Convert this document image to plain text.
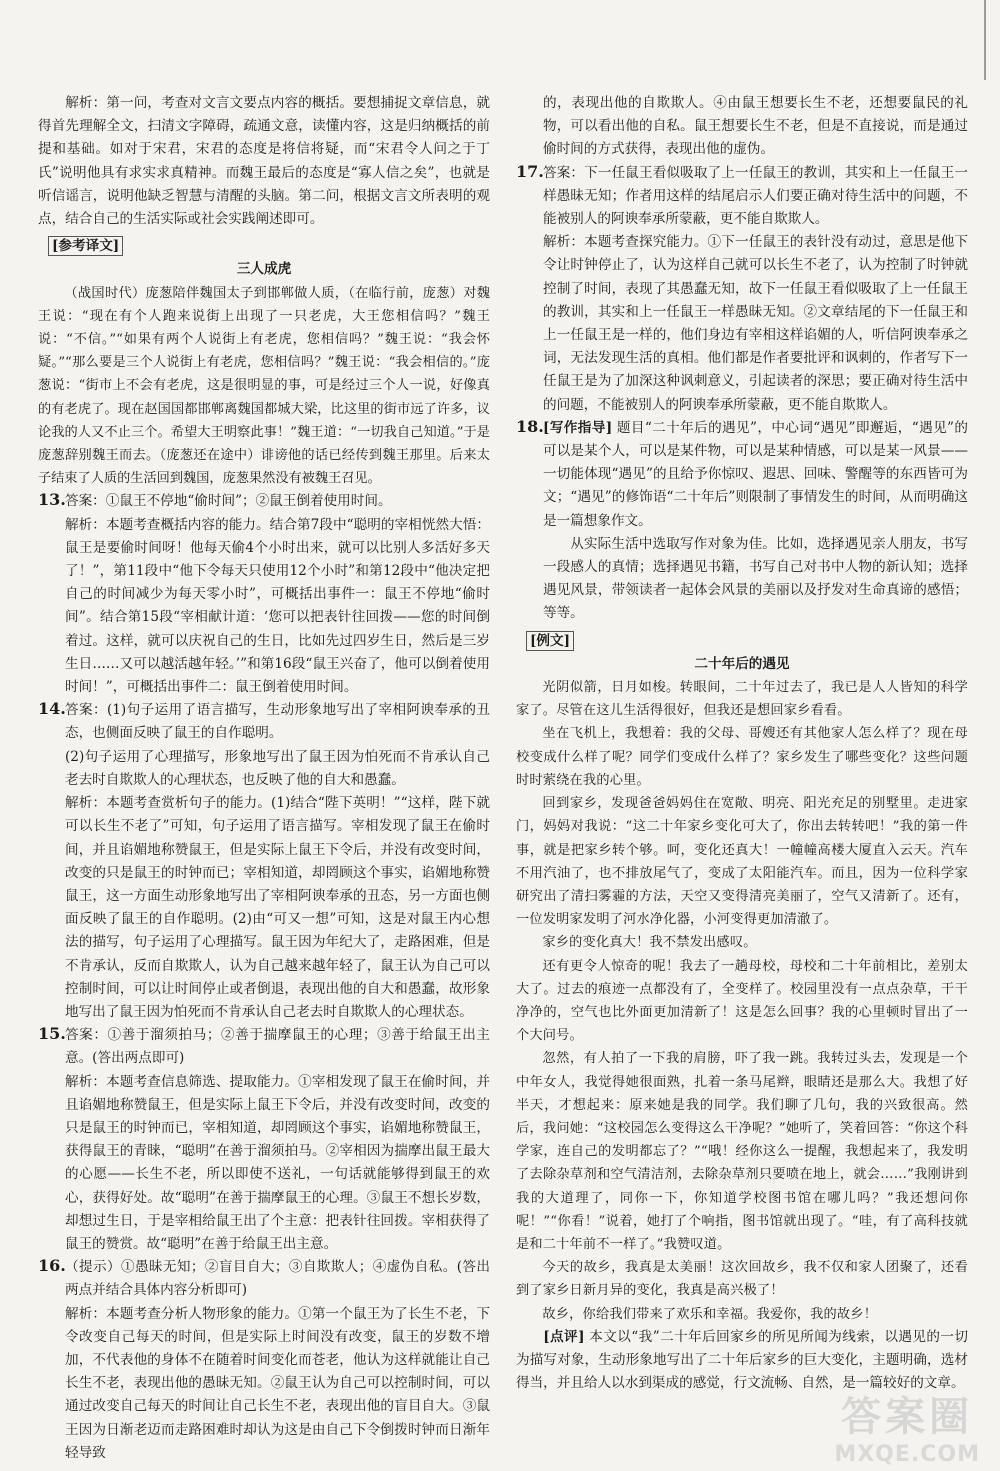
解析：第一问，考查对文言文要点内容的概括。要想捕捉文章信息，就得首先理解全文，扫清文字障碍，疏通文意，读懂内容，这是归纳概括的前提和基础。如对于宋君，宋君的态度是将信将疑，而“宋君令人问之于丁氏”说明他具有求实求真精神。而魏王最后的态度是“寡人信之矣”，也就是听信谣言，说明他缺乏智慧与清醒的头脑。第二问，根据文言文所表明的观点，结合自己的生活实际或社会实践阐述即可。

[参考译文]

三人成虎

（战国时代）庞葱陪伴魏国太子到邯郸做人质，（在临行前，庞葱）对魏王说：“现在有个人跑来说街上出现了一只老虎，大王您相信吗？”魏王说：“不信。”“如果有两个人说街上有老虎，您相信吗？”魏王说：“我会怀疑。”“那么要是三个人说街上有老虎，您相信吗？”魏王说：“我会相信的。”庞葱说：“街市上不会有老虎，这是很明显的事，可是经过三个人一说，好像真的有老虎了。现在赵国国都邯郸离魏国都城大梁，比这里的街市远了许多，议论我的人又不止三个。希望大王明察此事！”魏王道：“一切我自己知道。”于是庞葱辞别魏王而去。（庞葱还在途中）诽谤他的话已经传到魏王那里。后来太子结束了人质的生活回到魏国，庞葱果然没有被魏王召见。

13. 答案：①鼠王不停地“偷时间”；②鼠王倒着使用时间。

解析：本题考查概括内容的能力。结合第7段中“聪明的宰相恍然大悟：鼠王是要偷时间呀！他每天偷4个小时出来，就可以比别人多活好多天了！”，第11段中“他下令每天只使用12个小时”和第12段中“他决定把自己的时间减少为每天零小时”，可概括出事件一：鼠王不停地“偷时间”。结合第15段“宰相献计道：‘您可以把表针往回拨——您的时间倒着过。这样，就可以庆祝自己的生日，比如先过四岁生日，然后是三岁生日……又可以越活越年轻。’”和第16段“鼠王兴奋了，他可以倒着使用时间！”，可概括出事件二：鼠王倒着使用时间。

14. 答案：(1)句子运用了语言描写，生动形象地写出了宰相阿谀奉承的丑态，也侧面反映了鼠王的自作聪明。

(2)句子运用了心理描写，形象地写出了鼠王因为怕死而不肯承认自己老去时自欺欺人的心理状态，也反映了他的自大和愚蠢。

解析：本题考查赏析句子的能力。(1)结合“陛下英明！”“这样，陛下就可以长生不老了”可知，句子运用了语言描写。宰相发现了鼠王在偷时间，并且谄媚地称赞鼠王，但是实际上鼠王下令后，并没有改变时间，改变的只是鼠王的时钟而已；宰相知道，却罔顾这个事实，谄媚地称赞鼠王，这一方面生动形象地写出了宰相阿谀奉承的丑态，另一方面也侧面反映了鼠王的自作聪明。(2)由“可又一想”可知，这是对鼠王内心想法的描写，句子运用了心理描写。鼠王因为年纪大了，走路困难，但是不肯承认，反而自欺欺人，认为自己越来越年轻了，鼠王认为自己可以控制时间，可以让时间停止或者倒退，表现出他的自大和愚蠢，故形象地写出了鼠王因为怕死而不肯承认自己老去时自欺欺人的心理状态。

15. 答案：①善于溜须拍马；②善于揣摩鼠王的心理；③善于给鼠王出主意。(答出两点即可)

解析：本题考查信息筛选、提取能力。①宰相发现了鼠王在偷时间，并且谄媚地称赞鼠王，但是实际上鼠王下令后，并没有改变时间，改变的只是鼠王的时钟而已，宰相知道，却罔顾这个事实，谄媚地称赞鼠王，获得鼠王的青睐，“聪明”在善于溜须拍马。②宰相因为揣摩出鼠王最大的心愿——长生不老，所以即使不送礼，一句话就能够得到鼠王的欢心，获得好处。故“聪明”在善于揣摩鼠王的心理。③鼠王不想长岁数，却想过生日，于是宰相给鼠王出了个主意：把表针往回拨。宰相获得了鼠王的赞赏。故“聪明”在善于给鼠王出主意。

16. （提示）①愚昧无知；②盲目自大；③自欺欺人；④虚伪自私。(答出两点并结合具体内容分析即可)

解析：本题考查分析人物形象的能力。①第一个鼠王为了长生不老，下令改变自己每天的时间，但是实际上时间没有改变，鼠王的岁数不增加，不代表他的身体不在随着时间变化而苍老，他认为这样就能让自己长生不老，表现出他的愚昧无知。②鼠王认为自己可以控制时间，可以通过改变自己每天的时间让自己长生不老，表现出他的盲目自大。③鼠王因为日渐老迈而走路困难时却认为这是由自己下令倒拨时钟而日渐年轻导致

的，表现出他的自欺欺人。④由鼠王想要长生不老，还想要鼠民的礼物，可以看出他的自私。鼠王想要长生不老，但是不直接说，而是通过偷时间的方式获得，表现出他的虚伪。

17. 答案：下一任鼠王看似吸取了上一任鼠王的教训，其实和上一任鼠王一样愚昧无知；作者用这样的结尾启示人们要正确对待生活中的问题，不能被别人的阿谀奉承所蒙蔽，更不能自欺欺人。

解析：本题考查探究能力。①下一任鼠王的表针没有动过，意思是他下令让时钟停止了，认为这样自己就可以长生不老了，认为控制了时钟就控制了时间，表现了其愚蠢无知，故下一任鼠王看似吸取了上一任鼠王的教训，其实和上一任鼠王一样愚昧无知。②文章结尾的下一任鼠王和上一任鼠王是一样的，他们身边有宰相这样谄媚的人，听信阿谀奉承之词，无法发现生活的真相。他们都是作者要批评和讽刺的，作者写下一任鼠王是为了加深这种讽刺意义，引起读者的深思；要正确对待生活中的问题，不能被别人的阿谀奉承所蒙蔽，更不能自欺欺人。

18. [写作指导] 题目“二十年后的遇见”，中心词“遇见”即邂逅，“遇见”的可以是某个人，可以是某件物，可以是某种情感，可以是某一风景——一切能体现“遇见”的且给予你惊叹、遐思、回味、警醒等的东西皆可为文；“遇见”的修饰语“二十年后”则限制了事情发生的时间，从而明确这是一篇想象作文。

从实际生活中选取写作对象为佳。比如，选择遇见亲人朋友，书写一段感人的真情；选择遇见书籍，书写自己对书中人物的新认知；选择遇见风景，带领读者一起体会风景的美丽以及抒发对生命真谛的感悟；等等。

[例文]

二十年后的遇见

光阴似箭，日月如梭。转眼间，二十年过去了，我已是人人皆知的科学家了。尽管在这儿生活得很好，但我还是想回家乡看看。

坐在飞机上，我想着：我的父母、哥嫂还有其他家人怎么样了？现在母校变成什么样了呢？同学们变成什么样了？家乡发生了哪些变化？这些问题时时萦绕在我的心里。

回到家乡，发现爸爸妈妈住在宽敞、明亮、阳光充足的别墅里。走进家门，妈妈对我说：“这二十年家乡变化可大了，你出去转转吧！”我的第一件事，就是把家乡转个够。呵，变化还真大！一幢幢高楼大厦直入云天。汽车不用汽油了，也不排放尾气了，变成了太阳能汽车。而且，因为一位科学家研究出了清扫雾霾的方法，天空又变得清亮美丽了，空气又清新了。还有，一位发明家发明了河水净化器，小河变得更加清澈了。

家乡的变化真大！我不禁发出感叹。

还有更令人惊奇的呢！我去了一趟母校，母校和二十年前相比，差别太大了。过去的痕迹一点都没有了，全变样了。校园里没有一点点杂草，干干净净的，空气也比外面更加清新了！这是怎么回事？我的心里顿时冒出了一个大问号。

忽然，有人拍了一下我的肩膀，吓了我一跳。我转过头去，发现是一个中年女人，我觉得她很面熟，扎着一条马尾辫，眼睛还是那么大。我想了好半天，才想起来：原来她是我的同学。我们聊了几句，我的兴致很高。然后，我问她：“这校园怎么变得这么干净呢？”她听了，笑着回答：“你这个科学家，连自己的发明都忘了？”“哦！经你这么一提醒，我想起来了，我发明了去除杂草剂和空气清洁剂，去除杂草剂只要喷在地上，就会……”我刚讲到我的大道理了，同你一下，你知道学校图书馆在哪儿吗？”我还想问你呢！”“你看！”说着，她打了个响指，图书馆就出现了。“哇，有了高科技就是和二十年前不一样了。”我赞叹道。

今天的故乡，我真是太美丽！这次回故乡，我不仅和家人团聚了，还看到了家乡日新月异的变化，我真是高兴极了！

故乡，你给我们带来了欢乐和幸福。我爱你，我的故乡！

[点评] 本文以“我”二十年后回家乡的所见所闻为线索，以遇见的一切为描写对象，生动形象地写出了二十年后家乡的巨大变化，主题明确，选材得当，并且给人以水到渠成的感觉，行文流畅、自然，是一篇较好的文章。

答案圈
MXQE.COM
